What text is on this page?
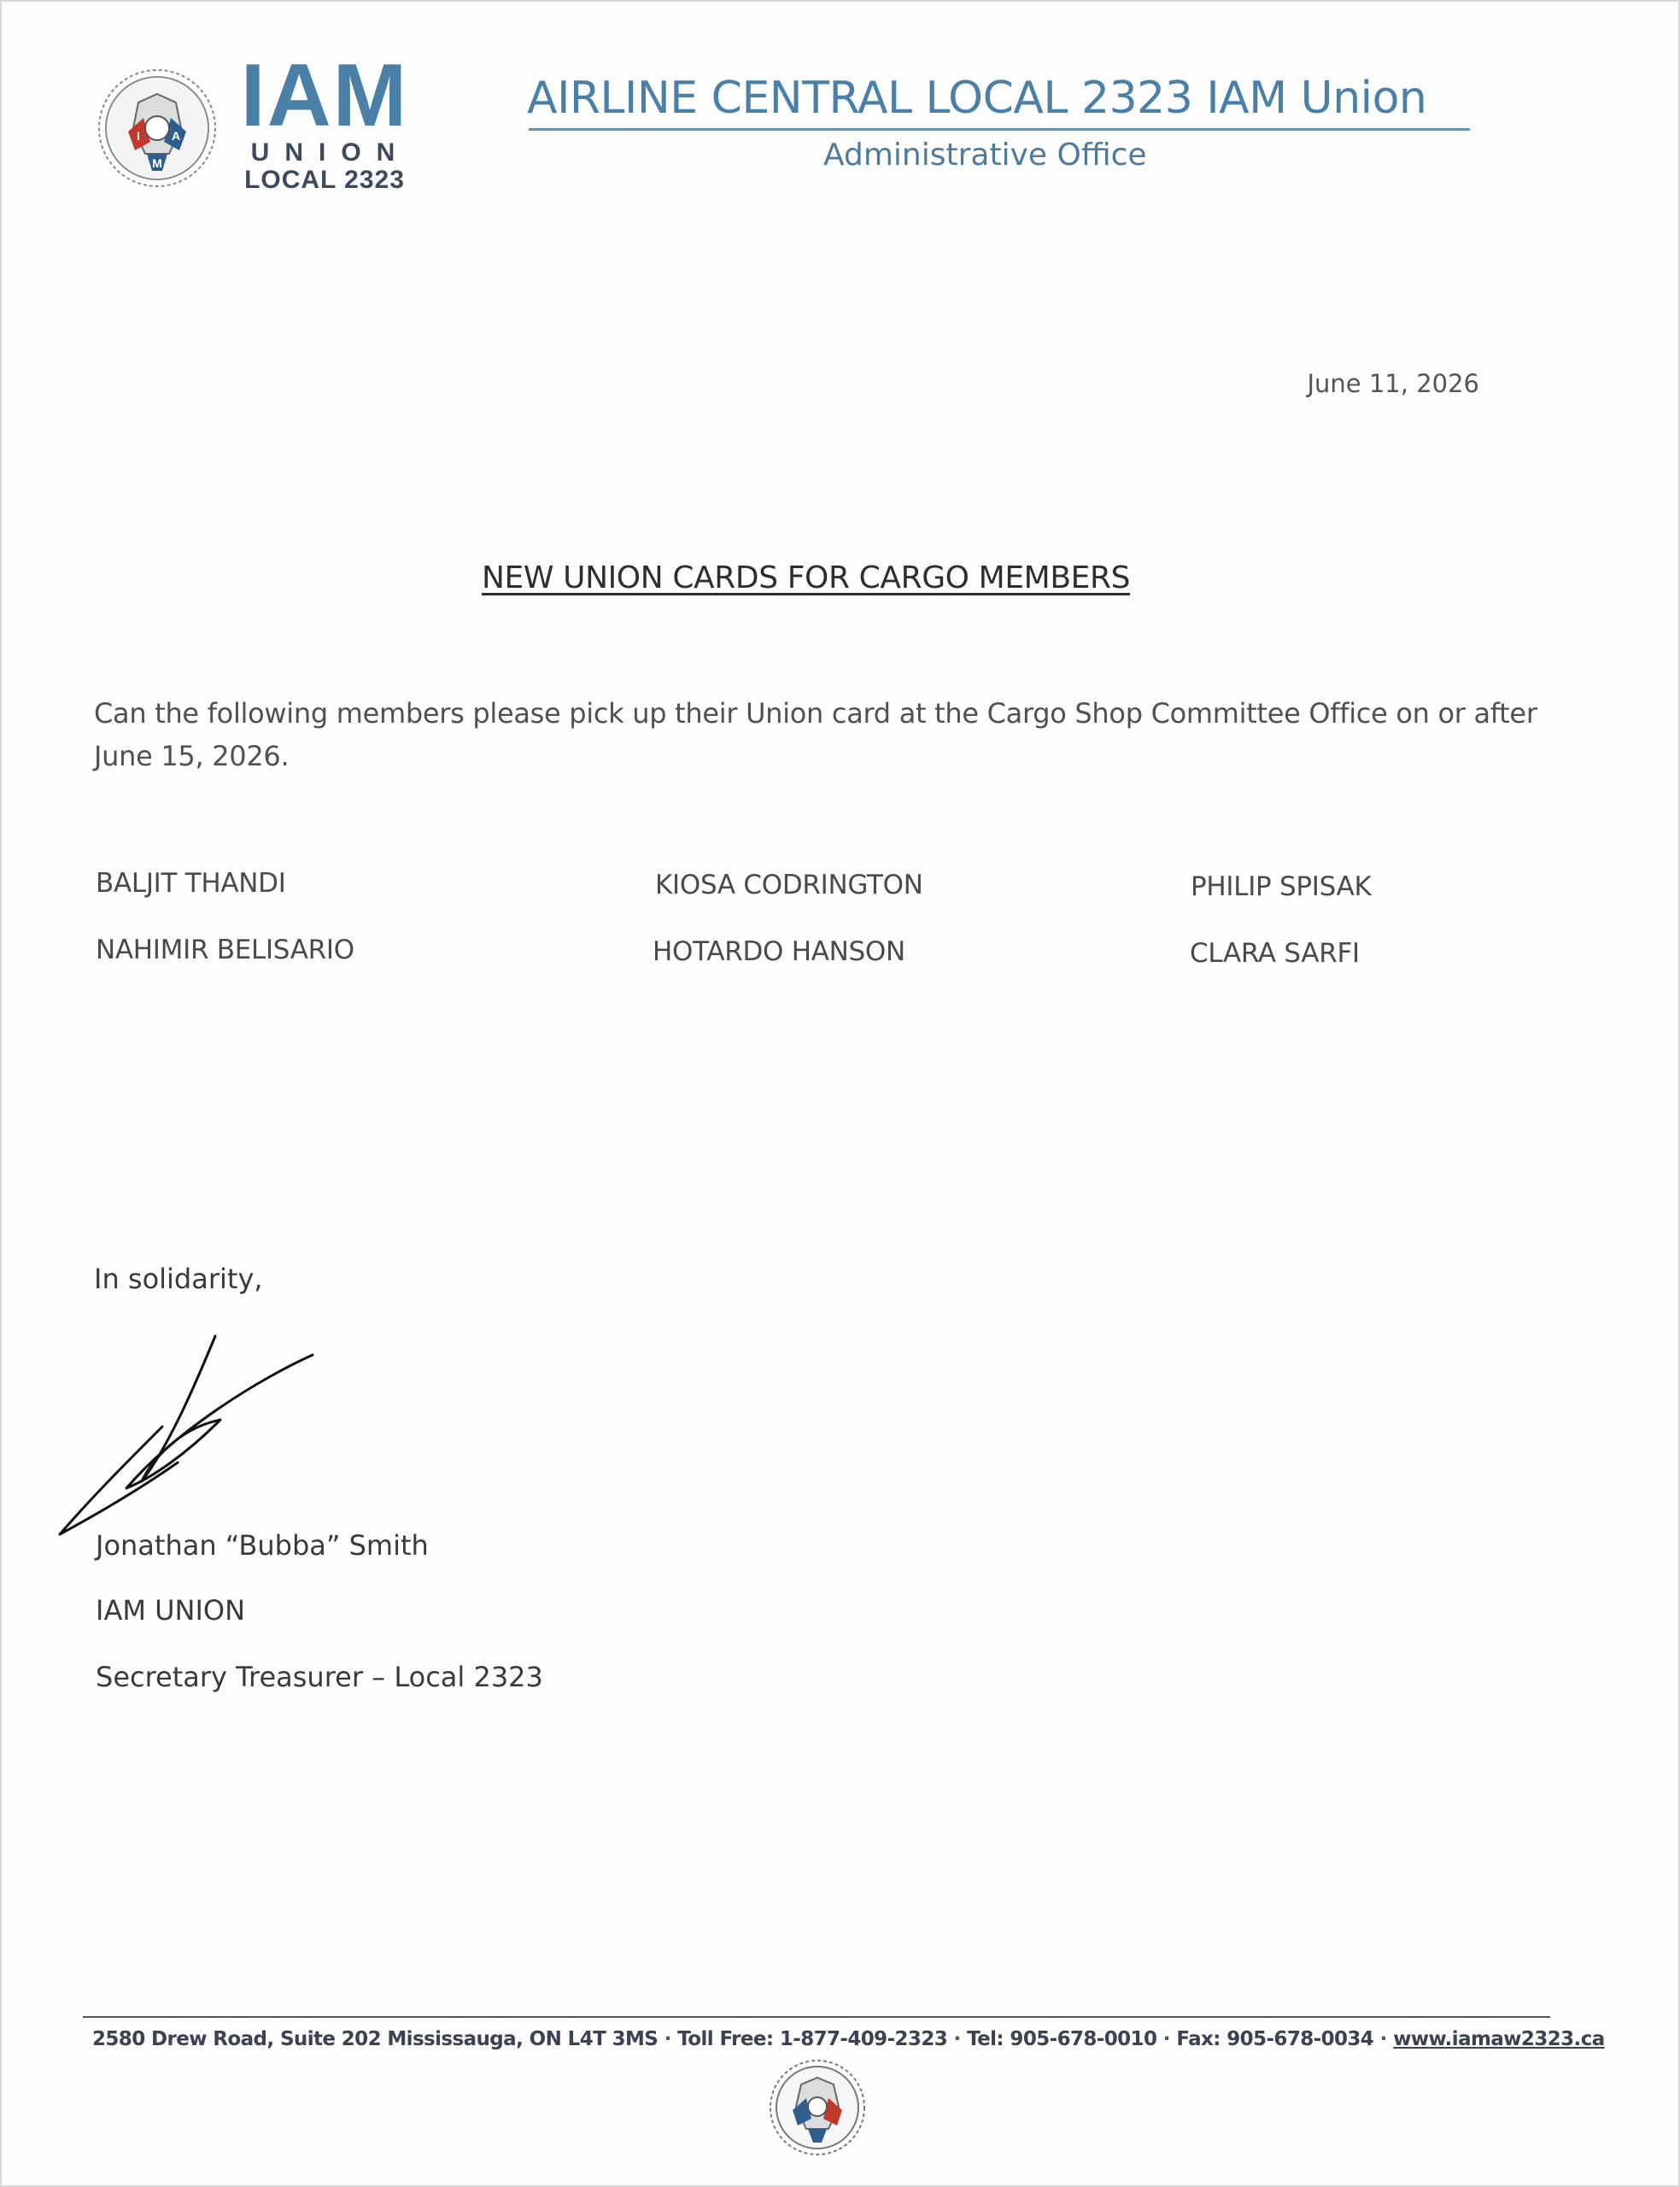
I	A
M
IAM
UNION
LOCAL 2323
AIRLINE CENTRAL LOCAL 2323 IAM Union
Administrative Office
June 11, 2026
NEW UNION CARDS FOR CARGO MEMBERS
Can the following members please pick up their Union card at the Cargo Shop Committee Office on or after June 15, 2026.
BALJIT THANDI	KIOSA CODRINGTON	PHILIP SPISAK
NAHIMIR BELISARIO	HOTARDO HANSON	CLARA SARFI
In solidarity,
Jonathan “Bubba” Smith
IAM UNION
Secretary Treasurer – Local 2323
2580 Drew Road, Suite 202 Mississauga, ON L4T 3MS · Toll Free: 1-877-409-2323 · Tel: 905-678-0010 · Fax: 905-678-0034 · www.iamaw2323.ca
